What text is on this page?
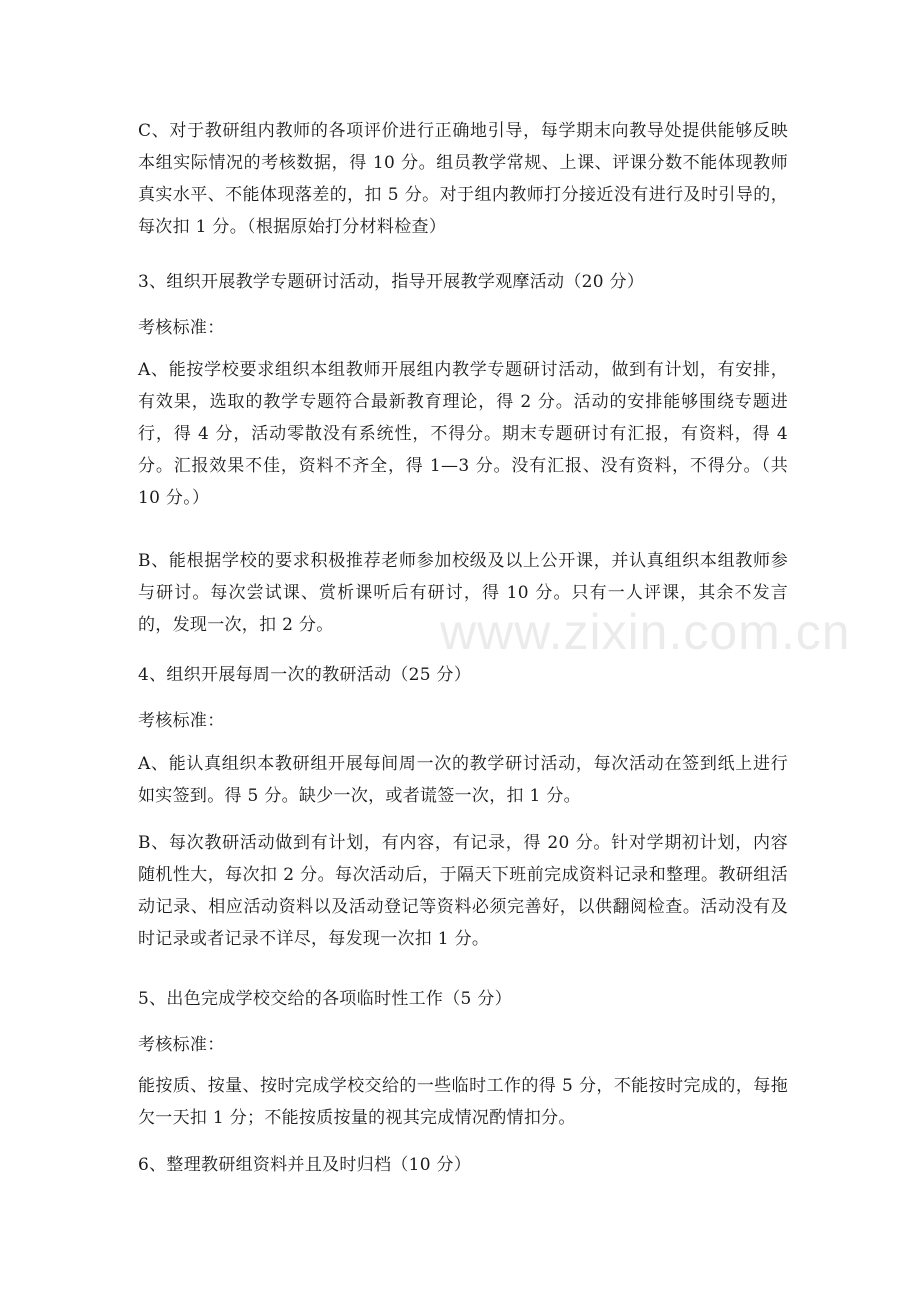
C、对于教研组内教师的各项评价进行正确地引导，每学期末向教导处提供能够反映本组实际情况的考核数据，得 10 分。组员教学常规、上课、评课分数不能体现教师真实水平、不能体现落差的，扣 5 分。对于组内教师打分接近没有进行及时引导的，每次扣 1 分。（根据原始打分材料检查）

3、组织开展教学专题研讨活动，指导开展教学观摩活动（20 分）

考核标准：

A、能按学校要求组织本组教师开展组内教学专题研讨活动，做到有计划，有安排，有效果，选取的教学专题符合最新教育理论，得 2 分。活动的安排能够围绕专题进行，得 4 分，活动零散没有系统性，不得分。期末专题研讨有汇报，有资料，得 4 分。汇报效果不佳，资料不齐全，得 1—3 分。没有汇报、没有资料，不得分。（共 10 分。）

B、能根据学校的要求积极推荐老师参加校级及以上公开课，并认真组织本组教师参与研讨。每次尝试课、赏析课听后有研讨，得 10 分。只有一人评课，其余不发言的，发现一次，扣 2 分。

4、组织开展每周一次的教研活动（25 分）

考核标准：

A、能认真组织本教研组开展每间周一次的教学研讨活动，每次活动在签到纸上进行如实签到。得 5 分。缺少一次，或者谎签一次，扣 1 分。

B、每次教研活动做到有计划，有内容，有记录，得 20 分。针对学期初计划，内容随机性大，每次扣 2 分。每次活动后，于隔天下班前完成资料记录和整理。教研组活动记录、相应活动资料以及活动登记等资料必须完善好，以供翻阅检查。活动没有及时记录或者记录不详尽，每发现一次扣 1 分。

5、出色完成学校交给的各项临时性工作（5 分）

考核标准：

能按质、按量、按时完成学校交给的一些临时工作的得 5 分，不能按时完成的，每拖欠一天扣 1 分；不能按质按量的视其完成情况酌情扣分。

6、整理教研组资料并且及时归档（10 分）

www.zixin.com.cn
